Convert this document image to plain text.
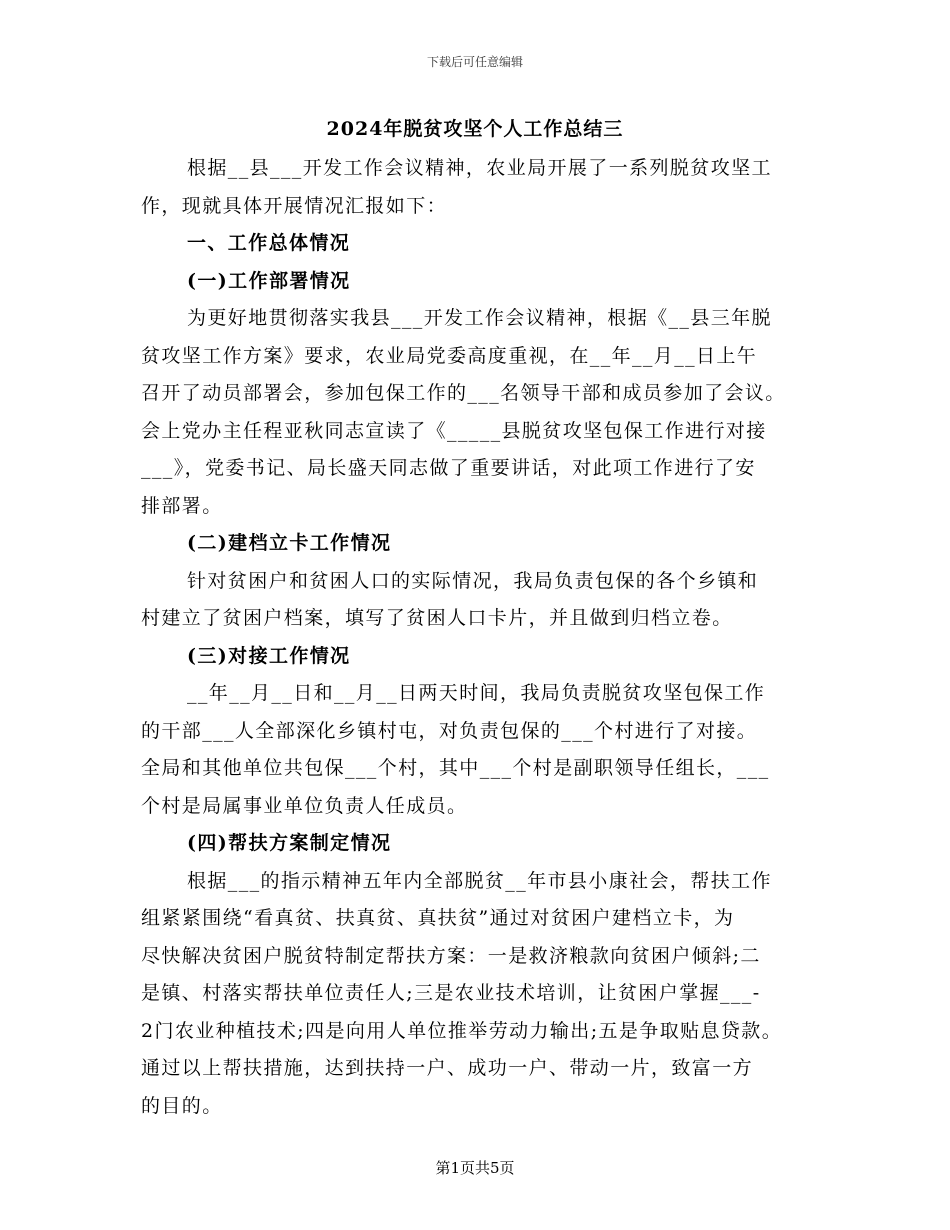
下载后可任意编辑
2024年脱贫攻坚个人工作总结三
根据__县___开发工作会议精神，农业局开展了一系列脱贫攻坚工
作，现就具体开展情况汇报如下：
一、工作总体情况
(一)工作部署情况
为更好地贯彻落实我县___开发工作会议精神，根据《__县三年脱
贫攻坚工作方案》要求，农业局党委高度重视，在__年__月__日上午
召开了动员部署会，参加包保工作的___名领导干部和成员参加了会议。
会上党办主任程亚秋同志宣读了《_____县脱贫攻坚包保工作进行对接
___》，党委书记、局长盛天同志做了重要讲话，对此项工作进行了安
排部署。
(二)建档立卡工作情况
针对贫困户和贫困人口的实际情况，我局负责包保的各个乡镇和
村建立了贫困户档案，填写了贫困人口卡片，并且做到归档立卷。
(三)对接工作情况
__年__月__日和__月__日两天时间，我局负责脱贫攻坚包保工作
的干部___人全部深化乡镇村屯，对负责包保的___个村进行了对接。
全局和其他单位共包保___个村，其中___个村是副职领导任组长，___
个村是局属事业单位负责人任成员。
(四)帮扶方案制定情况
根据___的指示精神五年内全部脱贫__年市县小康社会，帮扶工作
组紧紧围绕“看真贫、扶真贫、真扶贫”通过对贫困户建档立卡，为
尽快解决贫困户脱贫特制定帮扶方案：一是救济粮款向贫困户倾斜;二
是镇、村落实帮扶单位责任人;三是农业技术培训，让贫困户掌握___-
2门农业种植技术;四是向用人单位推举劳动力输出;五是争取贴息贷款。
通过以上帮扶措施，达到扶持一户、成功一户、带动一片，致富一方
的目的。
第1页共5页
